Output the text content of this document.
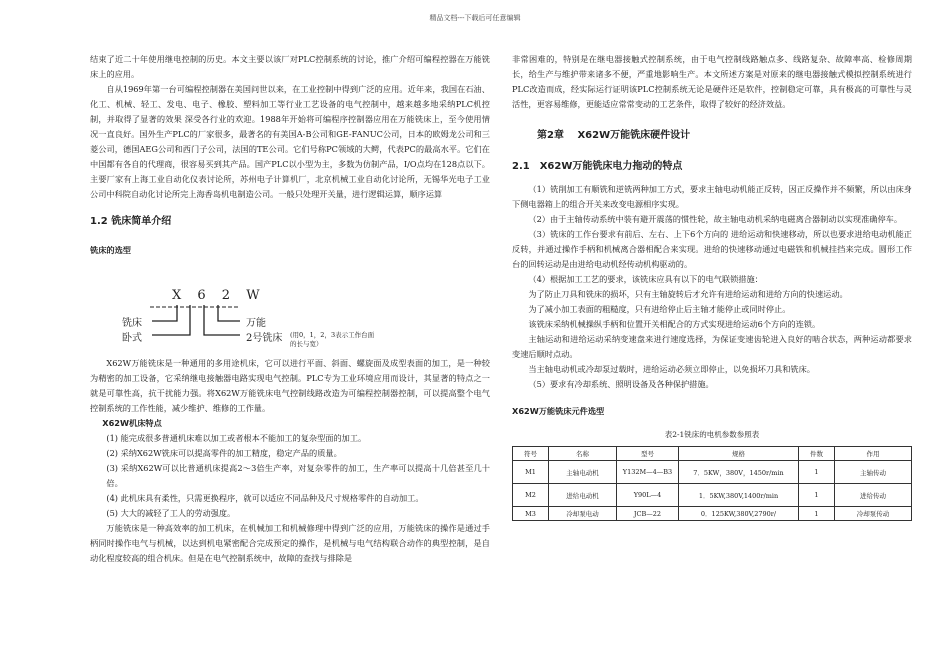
精品文档---下载后可任意编辑

结束了近二十年使用继电控制的历史。本文主要以该厂对PLC控制系统的讨论，推广介绍可编程控器在万能铣床上的应用。

自从1969年第一台可编程控制器在美国问世以来，在工业控制中得到广泛的应用。近年来，我国在石油、化工、机械、轻工、发电、电子、橡胶、塑料加工等行业工艺设备的电气控制中，越来越多地采纳PLC机控制，并取得了显著的效果 深受各行业的欢迎。1988年开始将可编程序控制器应用在万能铣床上，至今使用情况一直良好。国外生产PLC的厂家很多，最著名的有美国A-B公司和GE-FANUC公司，日本的欧姆龙公司和三菱公司，德国AEG公司和西门子公司，法国的TE公司。它们号称PC领域的大鳄，代表PC的最高水平。它们在中国都有各自的代理商，很容易买到其产品。国产PLC以小型为主，多数为仿制产品，I/O点均在128点以下。主要厂家有上海工业自动化仪表讨论所，苏州电子计算机厂，北京机械工业自动化讨论所，无锡华光电子工业公司中科院自动化讨论所完上海香岛机电制造公司。一般只处理开关量，进行逻辑运算，顺序运算

1.2 铣床简单介绍

铣床的选型

X 6 2 W
铣床
卧式
万能
2号铣床 (用0，1，2，3表示工作台面
的长与宽）

X62W万能铣床是一种通用的多用途机床，它可以进行平面、斜面、螺旋面及成型表面的加工，是一种较为精密的加工设备，它采纳继电接触器电路实现电气控制。PLC专为工业环境应用而设计，其显著的特点之一就是可靠性高，抗干扰能力强。将X62W万能铣床电气控制线路改造为可编程控制器控制，可以提高整个电气控制系统的工作性能，减少维护、维修的工作量。

X62W机床特点

(1) 能完成很多普通机床难以加工或者根本不能加工的复杂型面的加工。

(2) 采纳X62W铣床可以提高零件的加工精度，稳定产品的质量。

(3) 采纳X62W可以比普通机床提高2～3倍生产率，对复杂零件的加工，生产率可以提高十几倍甚至几十倍。

(4) 此机床具有柔性，只需更换程序，就可以适应不同品种及尺寸规格零件的自动加工。

(5) 大大的减轻了工人的劳动强度。

万能铣床是一种高效率的加工机床，在机械加工和机械修理中得到广泛的应用，万能铣床的操作是通过手柄同时操作电气与机械，以达到机电紧密配合完成预定的操作，是机械与电气结构联合动作的典型控制，是自动化程度较高的组合机床。但是在电气控制系统中，故障的查找与排除是

非常困难的，特别是在继电器接触式控制系统，由于电气控制线路触点多、线路复杂、故障率高、检修周期长，给生产与维护带来诸多不便，严重地影响生产。本文所述方案是对原来的继电器接触式模拟控制系统进行PLC改造而成，经实际运行证明该PLC控制系统无论是硬件还是软件，控制稳定可靠，具有极高的可靠性与灵活性，更容易维修，更能适应常常变动的工艺条件，取得了较好的经济效益。

第2章　 X62W万能铣床硬件设计

2.1　X62W万能铣床电力拖动的特点

（1）铣削加工有顺铣和逆铣两种加工方式，要求主轴电动机能正反转，因正反操作并不频繁，所以由床身下侧电器箱上的组合开关来改变电源相序实现。

（2）由于主轴传动系统中装有避开震荡的惯性轮，故主轴电动机采纳电磁离合器制动以实现准确停车。

（3）铣床的工作台要求有前后、左右、上下6个方向的 进给运动和快速移动，所以也要求进给电动机能正反转，并通过操作手柄和机械离合器相配合来实现。进给的快速移动通过电磁铁和机械挂挡来完成。圆形工作台的回转运动是由进给电动机经传动机构驱动的。

（4）根据加工工艺的要求，该铣床应具有以下的电气联锁措施：

为了防止刀具和铣床的损坏，只有主轴旋转后才允许有进给运动和进给方向的快速运动。

为了减小加工表面的粗糙度，只有进给停止后主轴才能停止或同时停止。

该铣床采纳机械操纵手柄和位置开关相配合的方式实现进给运动6个方向的连锁。

主轴运动和进给运动采纳变速盘来进行速度选择，为保证变速齿轮进入良好的啮合状态，两种运动都要求变速后顺时点动。

当主轴电动机或冷却泵过载时，进给运动必须立即停止，以免损坏刀具和铣床。

（5）要求有冷却系统、照明设备及各种保护措施。

X62W万能铣床元件选型

表2-1铣床的电机参数参照表

符号	名称	型号	规格	件数	作用
M1	主轴电动机	Y132M—4—B3	7．5KW，380V，1450r/min	1	主轴传动
M2	进给电动机	Y90L—4	1．5KW,380V,1400r/min	1	进给传动
M3	冷却泵电动	JCB—22	0．125KW,380V,2790r/	1	冷却泵传动
